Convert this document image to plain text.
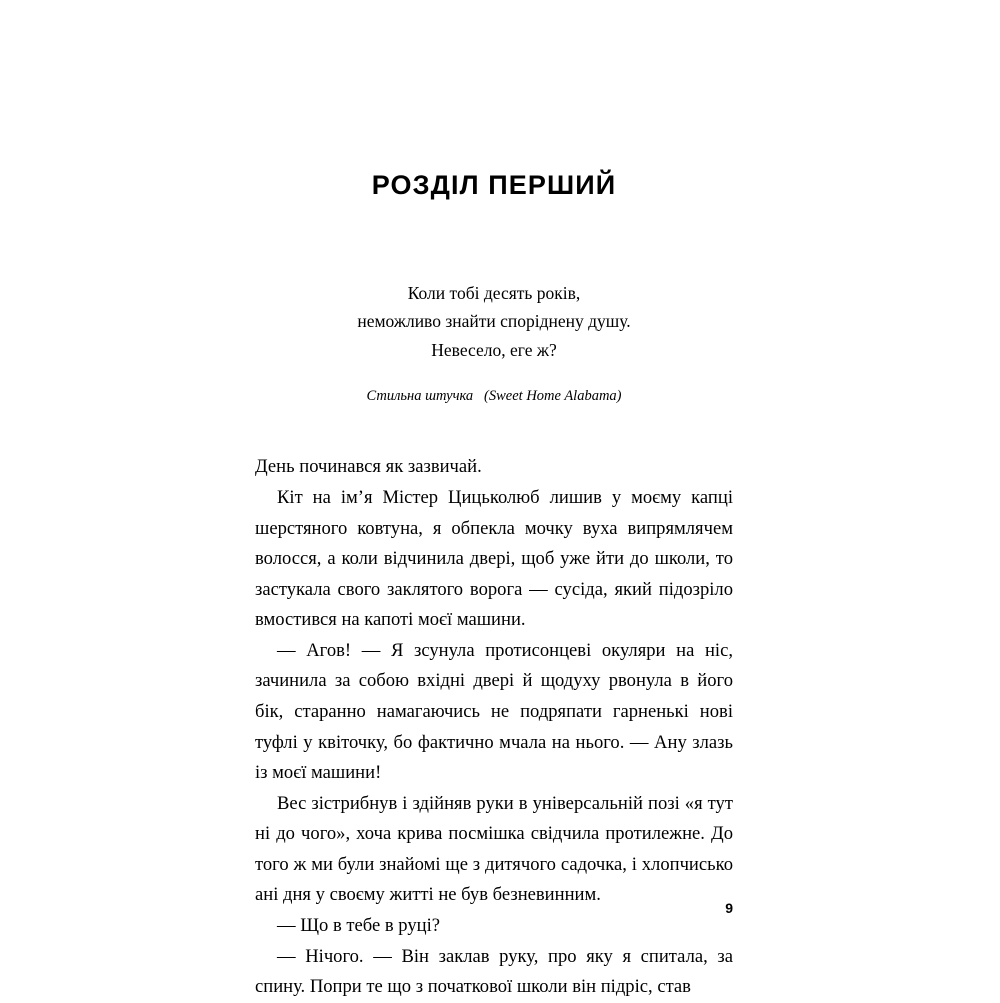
РОЗДІЛ ПЕРШИЙ
Коли тобі десять років,
неможливо знайти споріднену душу.
Невесело, еге ж?
Стильна штучка (Sweet Home Alabama)

День починався як зазвичай.

Кіт на ім’я Містер Цицьколюб лишив у моєму капці шерстяного ковтуна, я обпекла мочку вуха випрямлячем волосся, а коли відчинила двері, щоб уже йти до школи, то застукала свого заклятого ворога — сусіда, який підозріло вмостився на капоті моєї машини.

— Агов! — Я зсунула протисонцеві окуляри на ніс, зачинила за собою вхідні двері й щодуху рвонула в його бік, старанно намагаючись не подряпати гарненькі нові туфлі у квіточку, бо фактично мчала на нього. — Ану злазь із моєї машини!

Вес зістрибнув і здійняв руки в універсальній позі «я тут ні до чого», хоча крива посмішка свідчила протилежне. До того ж ми були знайомі ще з дитячого садочка, і хлопчисько ані дня у своєму житті не був безневинним.

— Що в тебе в руці?

— Нічого. — Він заклав руку, про яку я спитала, за спину. Попри те що з початкової школи він підріс, став

9
